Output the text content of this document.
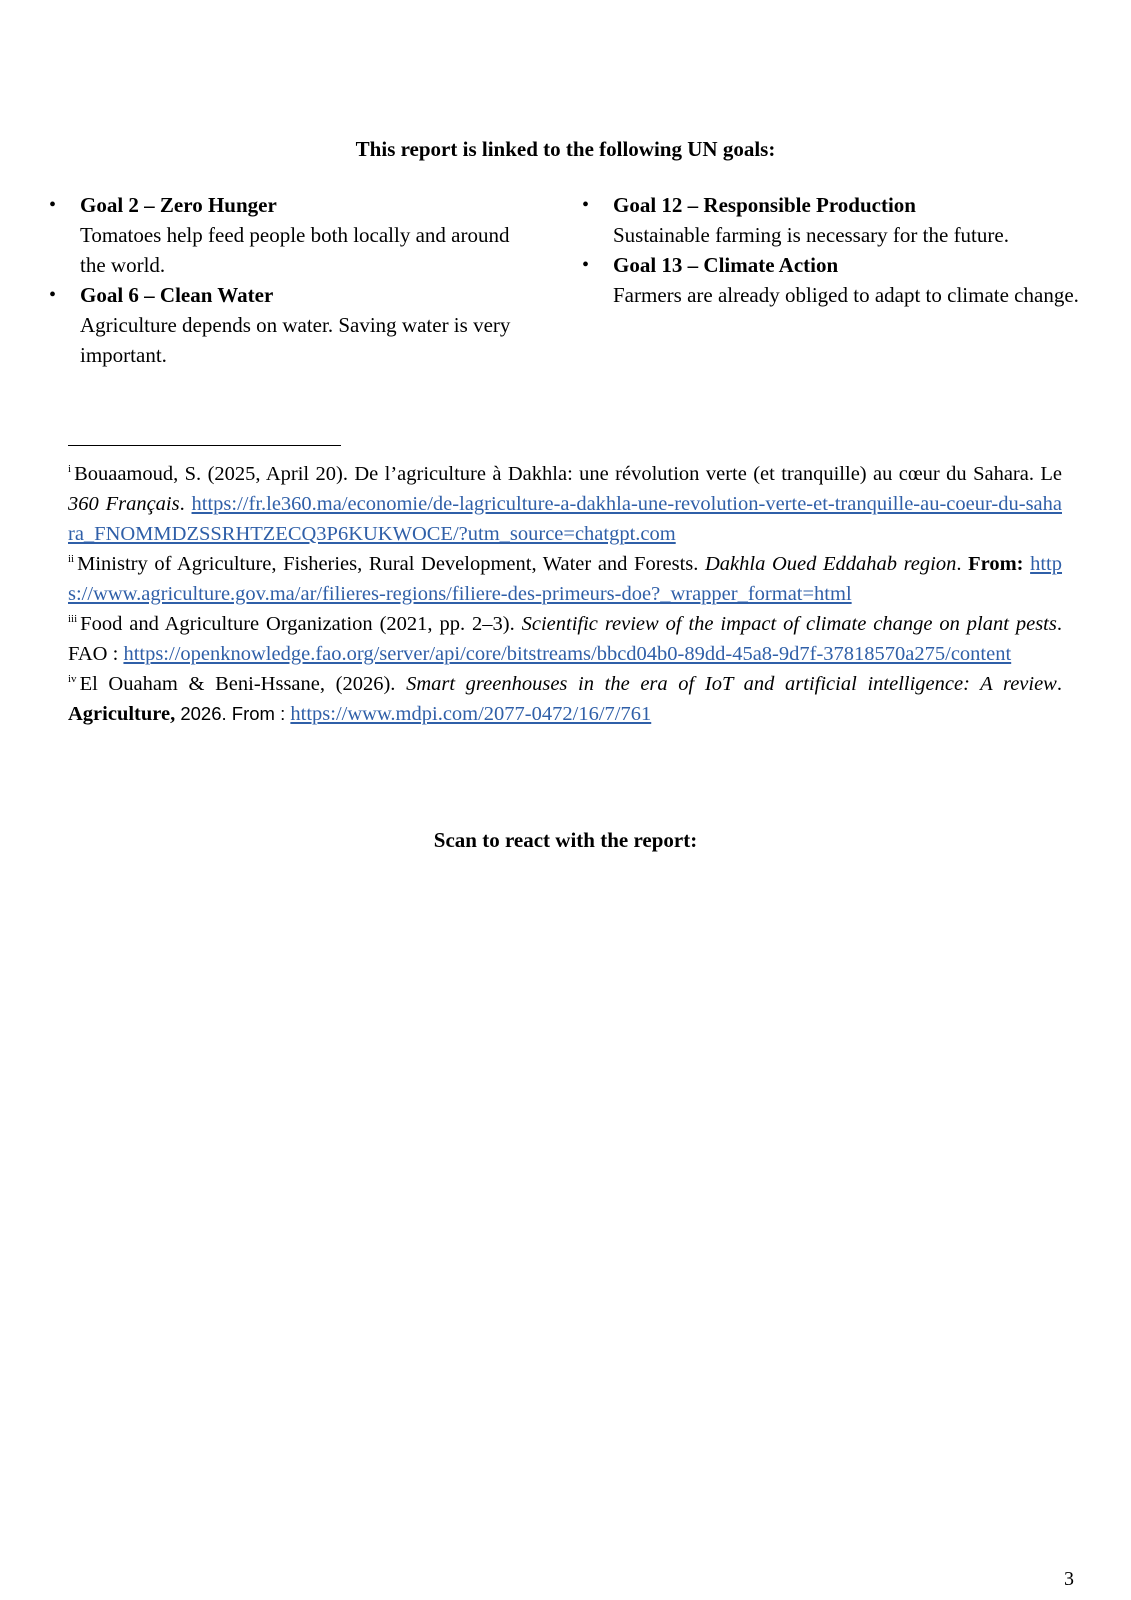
This report is linked to the following UN goals:
• Goal 2 – Zero Hunger
Tomatoes help feed people both locally and around the world.
• Goal 6 – Clean Water
Agriculture depends on water. Saving water is very important.
• Goal 12 – Responsible Production
Sustainable farming is necessary for the future.
• Goal 13 – Climate Action
Farmers are already obliged to adapt to climate change.

$^i$ Bouaamoud, S. (2025, April 20). De l’agriculture à Dakhla: une révolution verte (et tranquille) au cœur du Sahara. Le 360 Français. https://fr.le360.ma/economie/de-lagriculture-a-dakhla-une-revolution-verte-et-tranquille-au-coeur-du-sahara_FNOMMDZSSRHTZECQ3P6KUKWOCE/?utm_source=chatgpt.com

$^{ii}$ Ministry of Agriculture, Fisheries, Rural Development, Water and Forests. Dakhla Oued Eddahab region. From: https://www.agriculture.gov.ma/ar/filieres-regions/filiere-des-primeurs-doe?_wrapper_format=html

$^{iii}$ Food and Agriculture Organization (2021, pp. 2–3). Scientific review of the impact of climate change on plant pests. FAO : https://openknowledge.fao.org/server/api/core/bitstreams/bbcd04b0-89dd-45a8-9d7f-37818570a275/content

$^{iv}$ El Ouaham & Beni-Hssane, (2026). Smart greenhouses in the era of IoT and artificial intelligence: A review. Agriculture, 2026. From : https://www.mdpi.com/2077-0472/16/7/761

Scan to react with the report:
3
